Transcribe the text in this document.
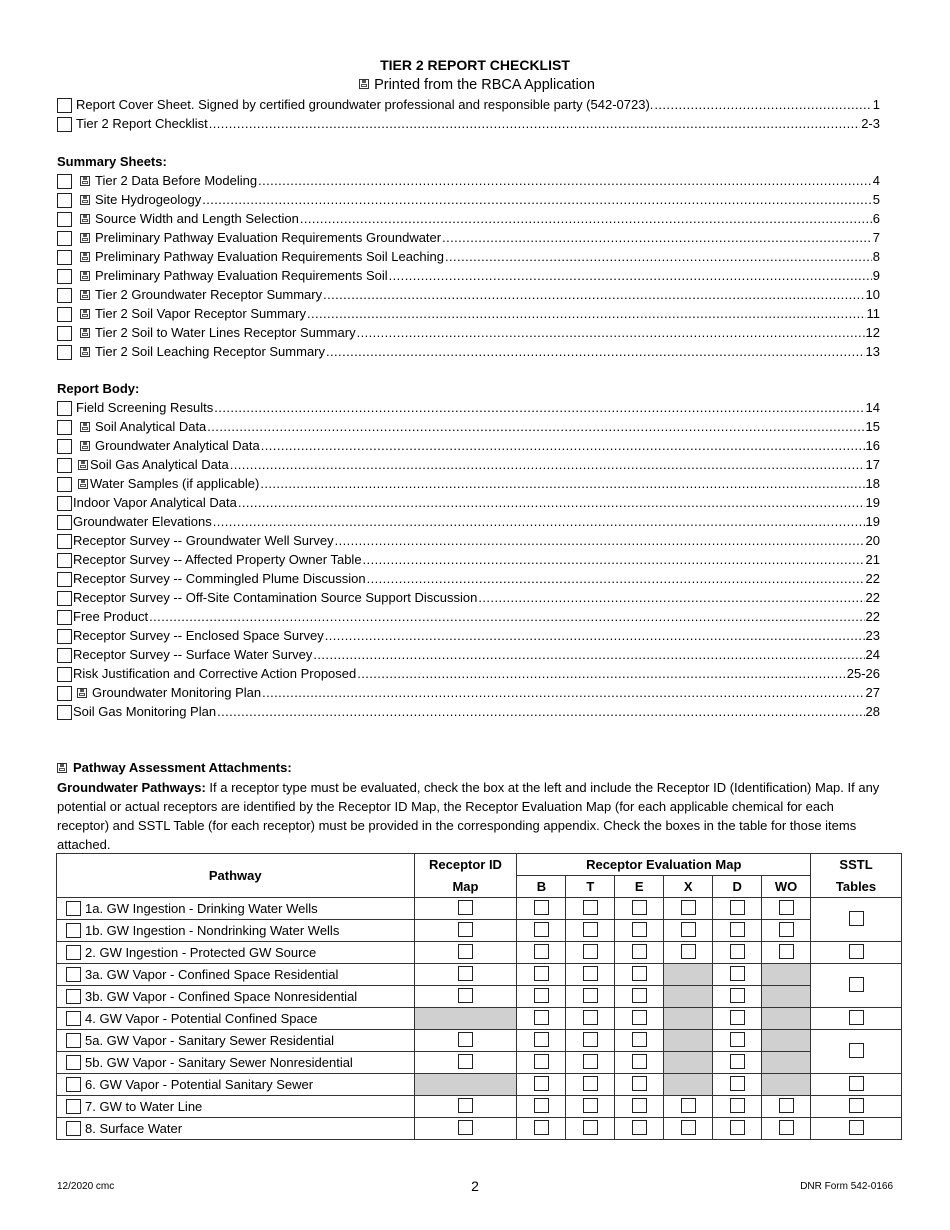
TIER 2 REPORT CHECKLIST
Printed from the RBCA Application
Report Cover Sheet. Signed by certified groundwater professional and responsible party (542-0723). .....	1
Tier 2 Report Checklist .....	2-3
Summary Sheets:
Tier 2 Data Before Modeling .....	4
Site Hydrogeology .....	5
Source Width and Length Selection .....	6
Preliminary Pathway Evaluation Requirements Groundwater .....	7
Preliminary Pathway Evaluation Requirements Soil Leaching .....	8
Preliminary Pathway Evaluation Requirements Soil .....	9
Tier 2 Groundwater Receptor Summary .....	10
Tier 2 Soil Vapor Receptor Summary .....	11
Tier 2 Soil to Water Lines Receptor Summary .....	12
Tier 2 Soil Leaching Receptor Summary .....	13
Report Body:
Field Screening Results .....	14
Soil Analytical Data .....	15
Groundwater Analytical Data .....	16
Soil Gas Analytical Data .....	17
Water Samples (if applicable) .....	18
Indoor Vapor Analytical Data .....	19
Groundwater Elevations .....	19
Receptor Survey -- Groundwater Well Survey .....	20
Receptor Survey -- Affected Property Owner Table .....	21
Receptor Survey -- Commingled Plume Discussion .....	22
Receptor Survey -- Off-Site Contamination Source Support Discussion .....	22
Free Product .....	22
Receptor Survey -- Enclosed Space Survey .....	23
Receptor Survey -- Surface Water Survey .....	24
Risk Justification and Corrective Action Proposed .....	25-26
Groundwater Monitoring Plan .....	27
Soil Gas Monitoring Plan .....	28
Pathway Assessment Attachments:
Groundwater Pathways: If a receptor type must be evaluated, check the box at the left and include the Receptor ID (Identification) Map. If any potential or actual receptors are identified by the Receptor ID Map, the Receptor Evaluation Map (for each applicable chemical for each receptor) and SSTL Table (for each receptor) must be provided in the corresponding appendix. Check the boxes in the table for those items attached.
Pathway	Receptor ID	Receptor Evaluation Map						SSTL
	Map	B	T	E	X	D	WO	Tables
1a. GW Ingestion - Drinking Water Wells								
1b. GW Ingestion - Nondrinking Water Wells								
2. GW Ingestion - Protected GW Source								
3a. GW Vapor - Confined Space Residential								
3b. GW Vapor - Confined Space Nonresidential								
4. GW Vapor - Potential Confined Space								
5a. GW Vapor - Sanitary Sewer Residential								
5b. GW Vapor - Sanitary Sewer Nonresidential								
6. GW Vapor - Potential Sanitary Sewer								
7. GW to Water Line								
8. Surface Water								
12/2020 cmc	2	DNR Form 542-0166
